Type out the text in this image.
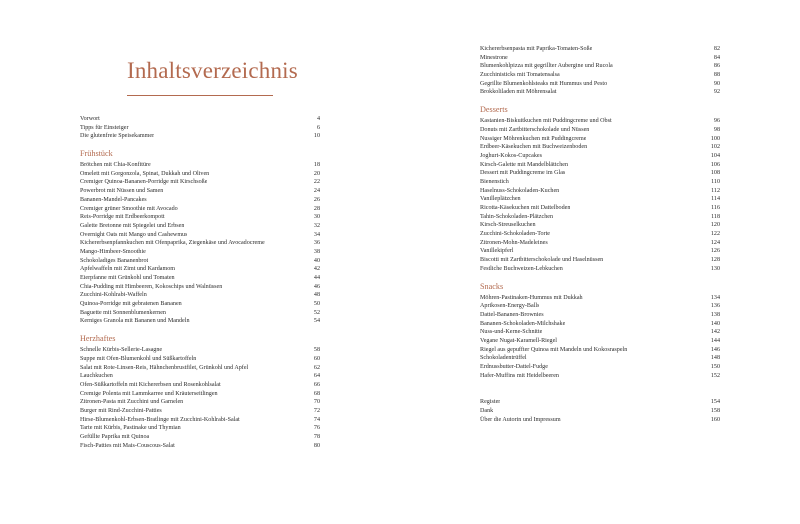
Inhaltsverzeichnis
Vorwort	4
Tipps für Einsteiger	6
Die glutenfreie Speisekammer	10
Frühstück
Brötchen mit Chia-Konfitüre	18
Omelett mit Gorgonzola, Spinat, Dukkah und Oliven	20
Cremiger Quinoa-Bananen-Porridge mit Kirschsoße	22
Powerbrot mit Nüssen und Samen	24
Bananen-Mandel-Pancakes	26
Cremiger grüner Smoothie mit Avocado	28
Reis-Porridge mit Erdbeerkompott	30
Galette Bretonne mit Spiegelei und Erbsen	32
Overnight Oats mit Mango und Cashewmus	34
Kichererbsenpfannkuchen mit Ofenpaprika, Ziegenkäse und Avocadocreme	36
Mango-Himbeer-Smoothie	38
Schokoladiges Bananenbrot	40
Apfelwaffeln mit Zimt und Kardamom	42
Eierpfanne mit Grünkohl und Tomaten	44
Chia-Pudding mit Himbeeren, Kokoschips und Walnüssen	46
Zucchini-Kohlrabi-Waffeln	48
Quinoa-Porridge mit gebratenen Bananen	50
Baguette mit Sonnenblumenkernen	52
Kerniges Granola mit Bananen und Mandeln	54
Herzhaftes
Schnelle Kürbis-Sellerie-Lasagne	58
Suppe mit Ofen-Blumenkohl und Süßkartoffeln	60
Salat mit Rote-Linsen-Reis, Hähnchenbrustfilet, Grünkohl und Apfel	62
Lauchkuchen	64
Ofen-Süßkartoffeln mit Kichererbsen und Rosenkohlsalat	66
Cremige Polenta mit Lammkarree und Kräuterseitlingen	68
Zitronen-Pasta mit Zucchini und Garnelen	70
Burger mit Rind-Zucchini-Patties	72
Hirse-Blumenkohl-Erbsen-Bratlinge mit Zucchini-Kohlrabi-Salat	74
Tarte mit Kürbis, Pastinake und Thymian	76
Gefüllte Paprika mit Quinoa	78
Fisch-Patties mit Mais-Couscous-Salat	80
Kichererbsenpasta mit Paprika-Tomaten-Soße	82
Minestrone	84
Blumenkohlpizza mit gegrillter Aubergine und Rucola	86
Zucchinisticks mit Tomatensalsa	88
Gegrillte Blumenkohlsteaks mit Hummus und Pesto	90
Brokkoliladen mit Möhrensalat	92
Desserts
Kastanien-Biskuitkuchen mit Puddingcreme und Obst	96
Donuts mit Zartbitterschokolade und Nüssen	98
Nussiger Möhrenkuchen mit Puddingcreme	100
Erdbeer-Käsekuchen mit Buchweizenboden	102
Joghurt-Kokos-Cupcakes	104
Kirsch-Galette mit Mandelblättchen	106
Dessert mit Puddingcreme im Glas	108
Bienenstich	110
Haselnuss-Schokoladen-Kuchen	112
Vanilleplätzchen	114
Ricotta-Käsekuchen mit Dattelboden	116
Tahin-Schokoladen-Plätzchen	118
Kirsch-Streuselkuchen	120
Zucchini-Schokoladen-Torte	122
Zitronen-Mohn-Madeleines	124
Vanillekipferl	126
Biscotti mit Zartbitterschokolade und Haselnüssen	128
Festliche Buchweizen-Lebkuchen	130
Snacks
Möhren-Pastinaken-Hummus mit Dukkah	134
Aprikosen-Energy-Balls	136
Dattel-Bananen-Brownies	138
Bananen-Schokoladen-Milchshake	140
Nuss-und-Kerne-Schnitte	142
Vegane Nugat-Karamell-Riegel	144
Riegel aus gepuffter Quinoa mit Mandeln und Kokosraspeln	146
Schokoladentrüffel	148
Erdnussbutter-Dattel-Fudge	150
Hafer-Muffins mit Heidelbeeren	152
Register	154
Dank	158
Über die Autorin und Impressum	160
